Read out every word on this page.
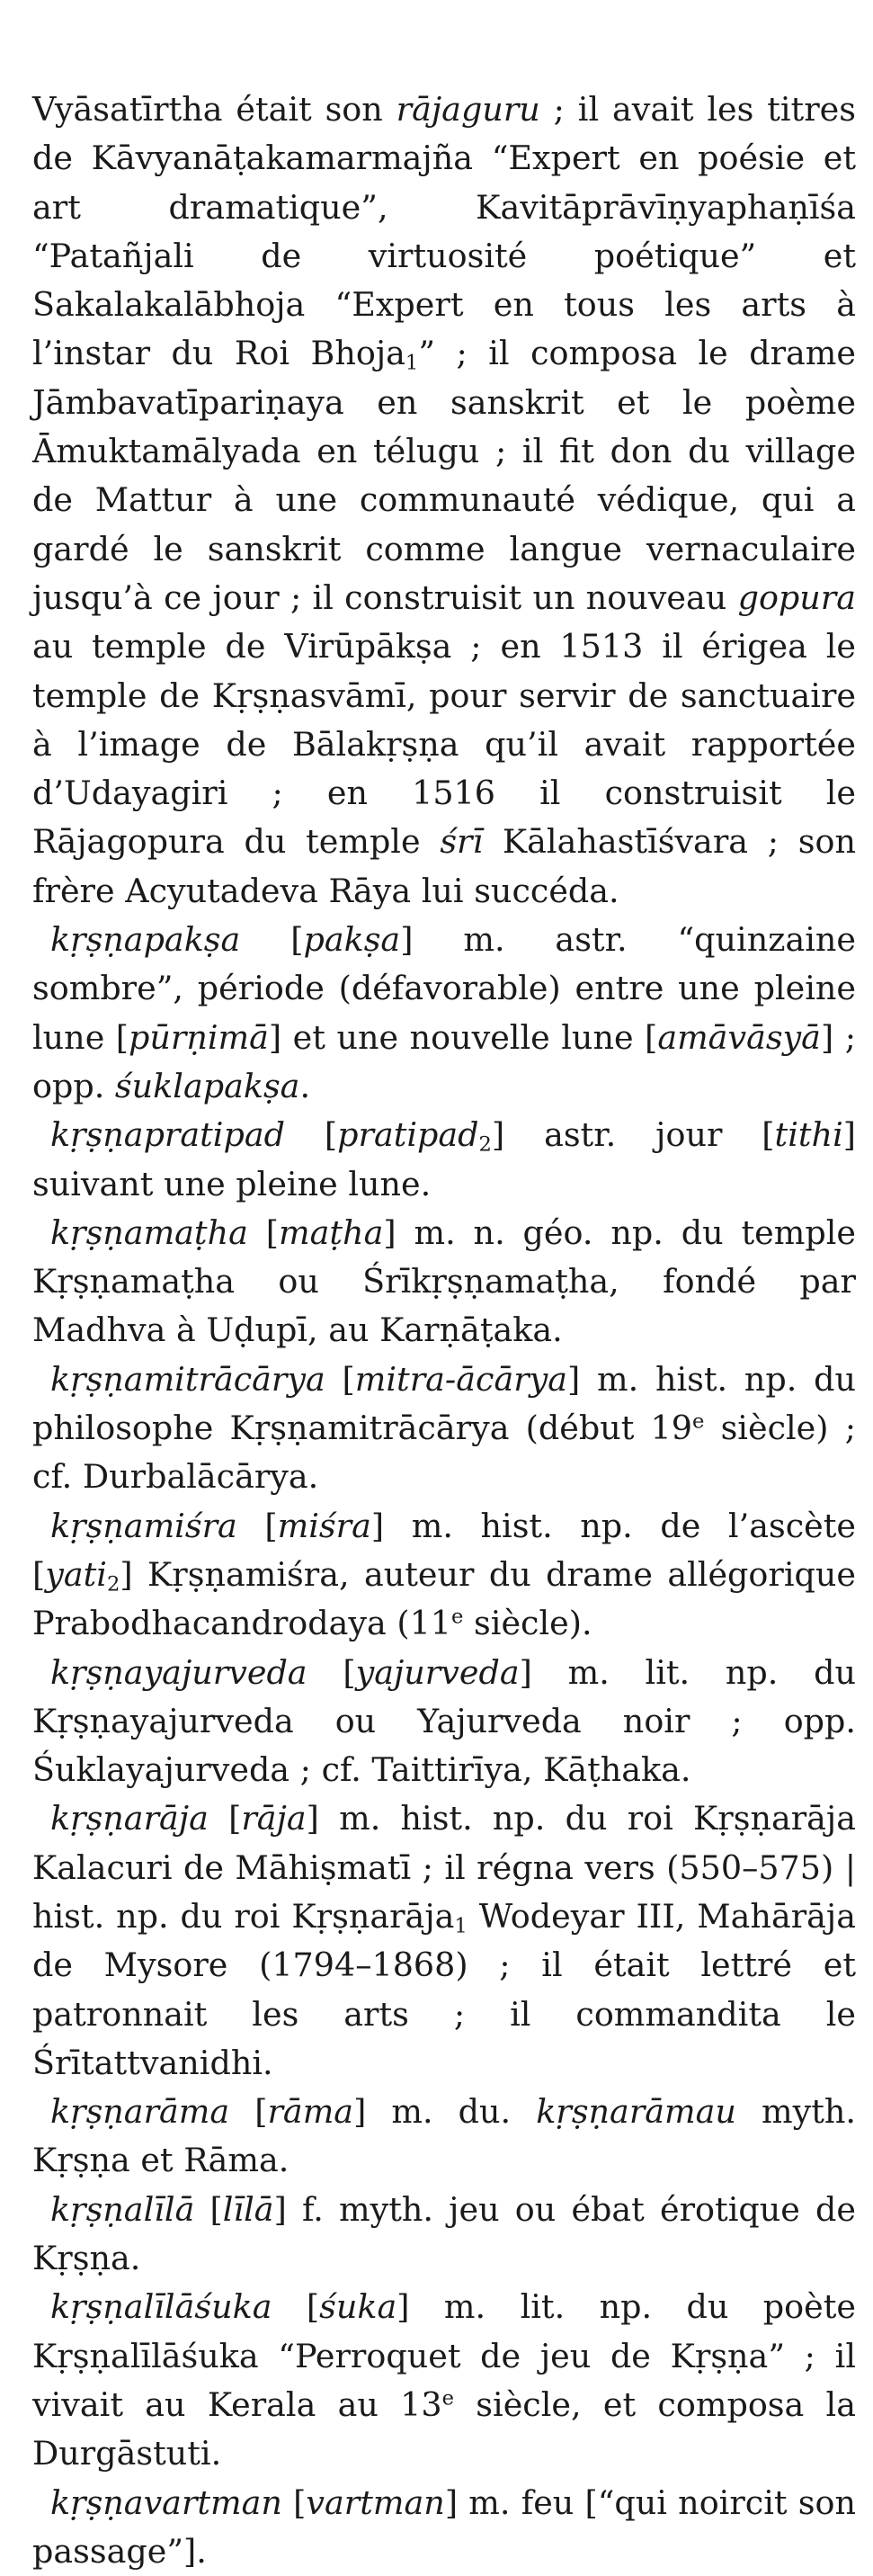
Vyāsatīrtha était son rājaguru ; il avait les titres de Kāvyanāṭakamarmajña “Expert en poésie et art dramatique”, Kavitāprāvīṇyaphaṇīśa “Patañjali de virtuosité poétique” et Sakalakalābhoja “Expert en tous les arts à l’instar du Roi Bhoja$_1$” ; il composa le drame Jāmbavatīpariṇaya en sanskrit et le poème Āmuktamālyada en télugu ; il fit don du village de Mattur à une communauté védique, qui a gardé le sanskrit comme langue vernaculaire jusqu’à ce jour ; il construisit un nouveau gopura au temple de Virūpākṣa ; en 1513 il érigea le temple de Kṛṣṇasvāmī, pour servir de sanctuaire à l’image de Bālakṛṣṇa qu’il avait rapportée d’Udayagiri ; en 1516 il construisit le Rājagopura du temple śrī Kālahastīśvara ; son frère Acyutadeva Rāya lui succéda.

kṛṣṇapakṣa [pakṣa] m. astr. “quinzaine sombre”, période (défavorable) entre une pleine lune [pūrṇimā] et une nouvelle lune [amāvāsyā] ; opp. śuklapakṣa.

kṛṣṇapratipad [pratipad$_2$] astr. jour [tithi] suivant une pleine lune.

kṛṣṇamaṭha [maṭha] m. n. géo. np. du temple Kṛṣṇamaṭha ou Śrīkṛṣṇamaṭha, fondé par Madhva à Uḍupī, au Karṇāṭaka.

kṛṣṇamitrācārya [mitra-ācārya] m. hist. np. du philosophe Kṛṣṇamitrācārya (début 19e siècle) ; cf. Durbalācārya.

kṛṣṇamiśra [miśra] m. hist. np. de l’ascète [yati$_2$] Kṛṣṇamiśra, auteur du drame allégorique Prabodhacandrodaya (11e siècle).

kṛṣṇayajurveda [yajurveda] m. lit. np. du Kṛṣṇayajurveda ou Yajurveda noir ; opp. Śuklayajurveda ; cf. Taittirīya, Kāṭhaka.

kṛṣṇarāja [rāja] m. hist. np. du roi Kṛṣṇarāja Kalacuri de Māhiṣmatī ; il régna vers (550–575) | hist. np. du roi Kṛṣṇarāja$_1$ Wodeyar III, Mahārāja de Mysore (1794–1868) ; il était lettré et patronnait les arts ; il commandita le Śrītattvanidhi.

kṛṣṇarāma [rāma] m. du. kṛṣṇarāmau myth. Kṛṣṇa et Rāma.

kṛṣṇalīlā [līlā] f. myth. jeu ou ébat érotique de Kṛṣṇa.

kṛṣṇalīlāśuka [śuka] m. lit. np. du poète Kṛṣṇalīlāśuka “Perroquet de jeu de Kṛṣṇa” ; il vivait au Kerala au 13e siècle, et composa la Durgāstuti.

kṛṣṇavartman [vartman] m. feu [“qui noircit son passage”].
